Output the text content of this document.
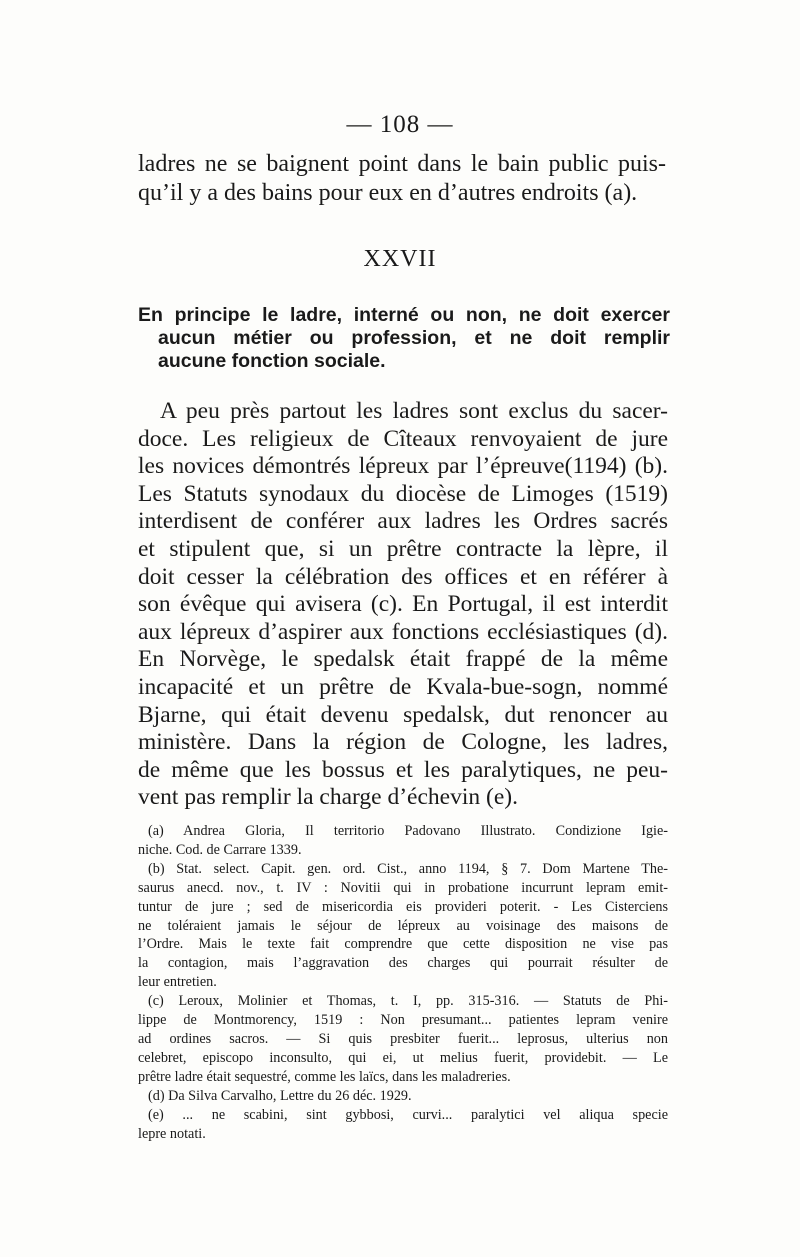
— 108 —
ladres ne se baignent point dans le bain public puis-
qu’il y a des bains pour eux en d’autres endroits (a).
XXVII
En principe le ladre, interné ou non, ne doit exercer
aucun métier ou profession, et ne doit remplir
aucune fonction sociale.
A peu près partout les ladres sont exclus du sacer-
doce. Les religieux de Cîteaux renvoyaient de jure
les novices démontrés lépreux par l’épreuve(1194) (b).
Les Statuts synodaux du diocèse de Limoges (1519)
interdisent de conférer aux ladres les Ordres sacrés
et stipulent que, si un prêtre contracte la lèpre, il
doit cesser la célébration des offices et en référer à
son évêque qui avisera (c). En Portugal, il est interdit
aux lépreux d’aspirer aux fonctions ecclésiastiques (d).
En Norvège, le spedalsk était frappé de la même
incapacité et un prêtre de Kvala-bue-sogn, nommé
Bjarne, qui était devenu spedalsk, dut renoncer au
ministère. Dans la région de Cologne, les ladres,
de même que les bossus et les paralytiques, ne peu-
vent pas remplir la charge d’échevin (e).
(a) Andrea Gloria, Il territorio Padovano Illustrato. Condizione Igie-
niche. Cod. de Carrare 1339.
(b) Stat. select. Capit. gen. ord. Cist., anno 1194, § 7. Dom Martene The-
saurus anecd. nov., t. IV : Novitii qui in probatione incurrunt lepram emit-
tuntur de jure ; sed de misericordia eis provideri poterit. - Les Cisterciens
ne toléraient jamais le séjour de lépreux au voisinage des maisons de
l’Ordre. Mais le texte fait comprendre que cette disposition ne vise pas
la contagion, mais l’aggravation des charges qui pourrait résulter de
leur entretien.
(c) Leroux, Molinier et Thomas, t. I, pp. 315-316. — Statuts de Phi-
lippe de Montmorency, 1519 : Non presumant... patientes lepram venire
ad ordines sacros. — Si quis presbiter fuerit... leprosus, ulterius non
celebret, episcopo inconsulto, qui ei, ut melius fuerit, providebit. — Le
prêtre ladre était sequestré, comme les laïcs, dans les maladreries.
(d) Da Silva Carvalho, Lettre du 26 déc. 1929.
(e) ... ne scabini, sint gybbosi, curvi... paralytici vel aliqua specie
lepre notati.
